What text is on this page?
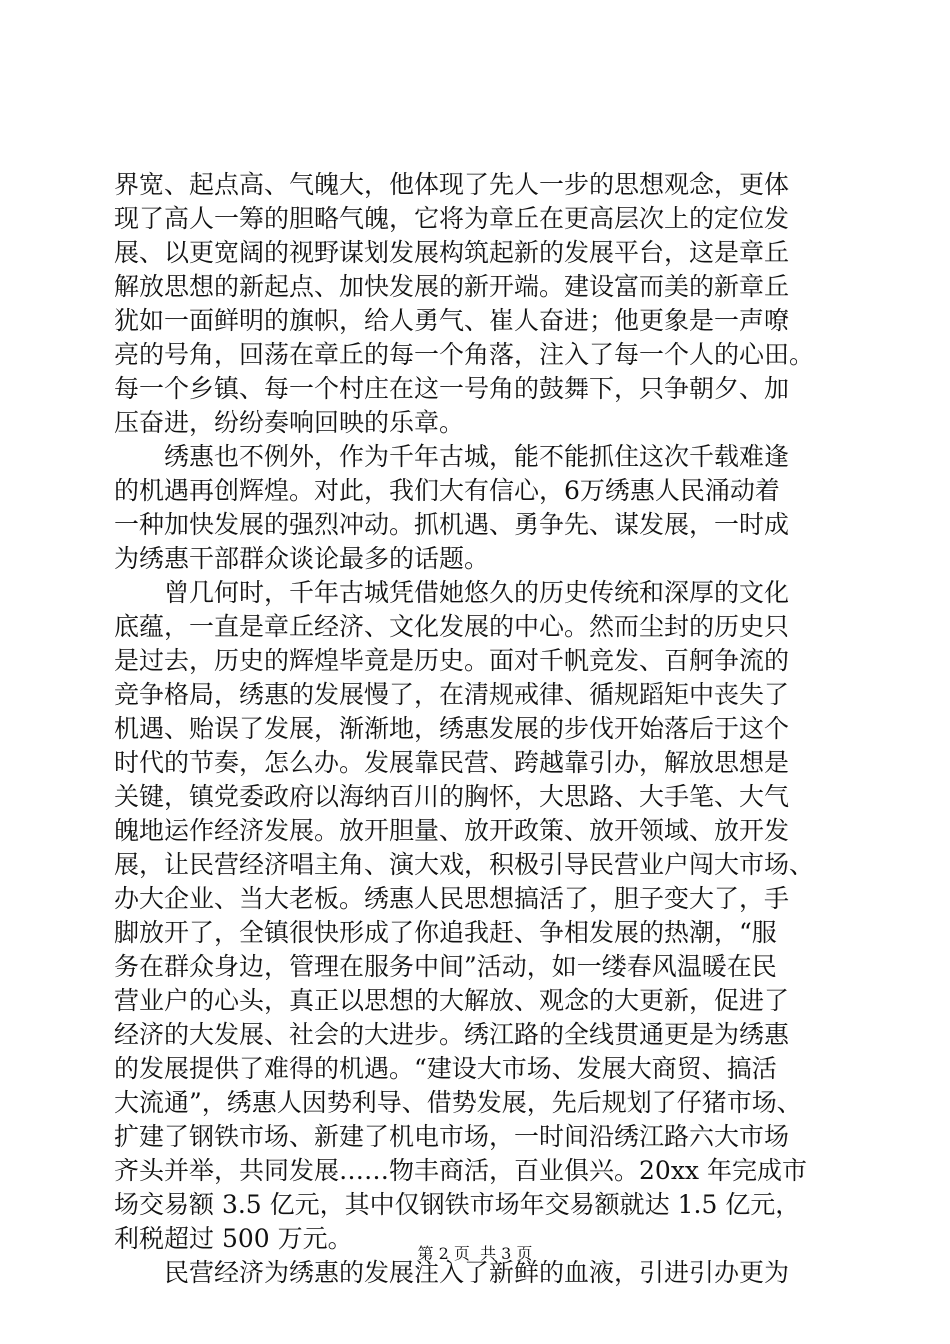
界宽、起点高、气魄大，他体现了先人一步的思想观念，更体
现了高人一筹的胆略气魄，它将为章丘在更高层次上的定位发
展、以更宽阔的视野谋划发展构筑起新的发展平台，这是章丘
解放思想的新起点、加快发展的新开端。建设富而美的新章丘
犹如一面鲜明的旗帜，给人勇气、崔人奋进；他更象是一声嘹
亮的号角，回荡在章丘的每一个角落，注入了每一个人的心田。
每一个乡镇、每一个村庄在这一号角的鼓舞下，只争朝夕、加
压奋进，纷纷奏响回映的乐章。
　　绣惠也不例外，作为千年古城，能不能抓住这次千载难逢
的机遇再创辉煌。对此，我们大有信心，6万绣惠人民涌动着
一种加快发展的强烈冲动。抓机遇、勇争先、谋发展，一时成
为绣惠干部群众谈论最多的话题。
　　曾几何时，千年古城凭借她悠久的历史传统和深厚的文化
底蕴，一直是章丘经济、文化发展的中心。然而尘封的历史只
是过去，历史的辉煌毕竟是历史。面对千帆竞发、百舸争流的
竞争格局，绣惠的发展慢了，在清规戒律、循规蹈矩中丧失了
机遇、贻误了发展，渐渐地，绣惠发展的步伐开始落后于这个
时代的节奏，怎么办。发展靠民营、跨越靠引办，解放思想是
关键，镇党委政府以海纳百川的胸怀，大思路、大手笔、大气
魄地运作经济发展。放开胆量、放开政策、放开领域、放开发
展，让民营经济唱主角、演大戏，积极引导民营业户闯大市场、
办大企业、当大老板。绣惠人民思想搞活了，胆子变大了，手
脚放开了，全镇很快形成了你追我赶、争相发展的热潮，“服
务在群众身边，管理在服务中间”活动，如一缕春风温暖在民
营业户的心头，真正以思想的大解放、观念的大更新，促进了
经济的大发展、社会的大进步。绣江路的全线贯通更是为绣惠
的发展提供了难得的机遇。“建设大市场、发展大商贸、搞活
大流通”，绣惠人因势利导、借势发展，先后规划了仔猪市场、
扩建了钢铁市场、新建了机电市场，一时间沿绣江路六大市场
齐头并举，共同发展……物丰商活，百业俱兴。20xx 年完成市
场交易额 3.5 亿元，其中仅钢铁市场年交易额就达 1.5 亿元，
利税超过 500 万元。
　　民营经济为绣惠的发展注入了新鲜的血液，引进引办更为
第 2 页  共 3 页
